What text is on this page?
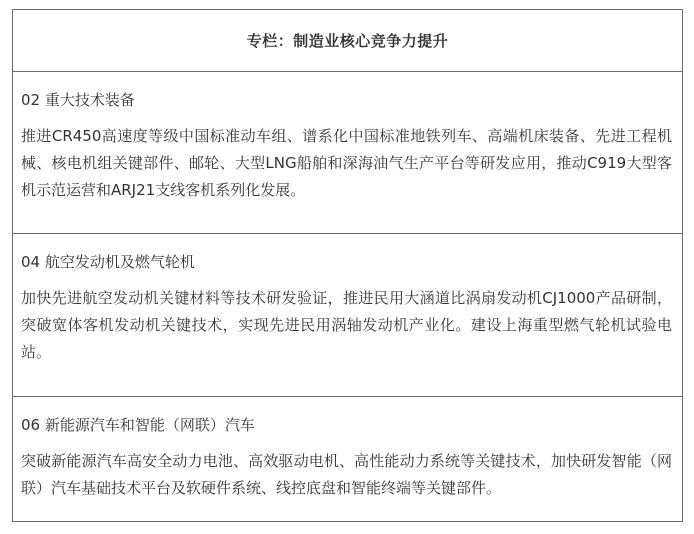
专栏：制造业核心竞争力提升
02 重大技术装备
推进CR450高速度等级中国标准动车组、谱系化中国标准地铁列车、高端机床装备、先进工程机械、核电机组关键部件、邮轮、大型LNG船舶和深海油气生产平台等研发应用，推动C919大型客机示范运营和ARJ21支线客机系列化发展。
04 航空发动机及燃气轮机
加快先进航空发动机关键材料等技术研发验证，推进民用大涵道比涡扇发动机CJ1000产品研制，突破宽体客机发动机关键技术，实现先进民用涡轴发动机产业化。建设上海重型燃气轮机试验电站。
06 新能源汽车和智能（网联）汽车
突破新能源汽车高安全动力电池、高效驱动电机、高性能动力系统等关键技术，加快研发智能（网联）汽车基础技术平台及软硬件系统、线控底盘和智能终端等关键部件。
